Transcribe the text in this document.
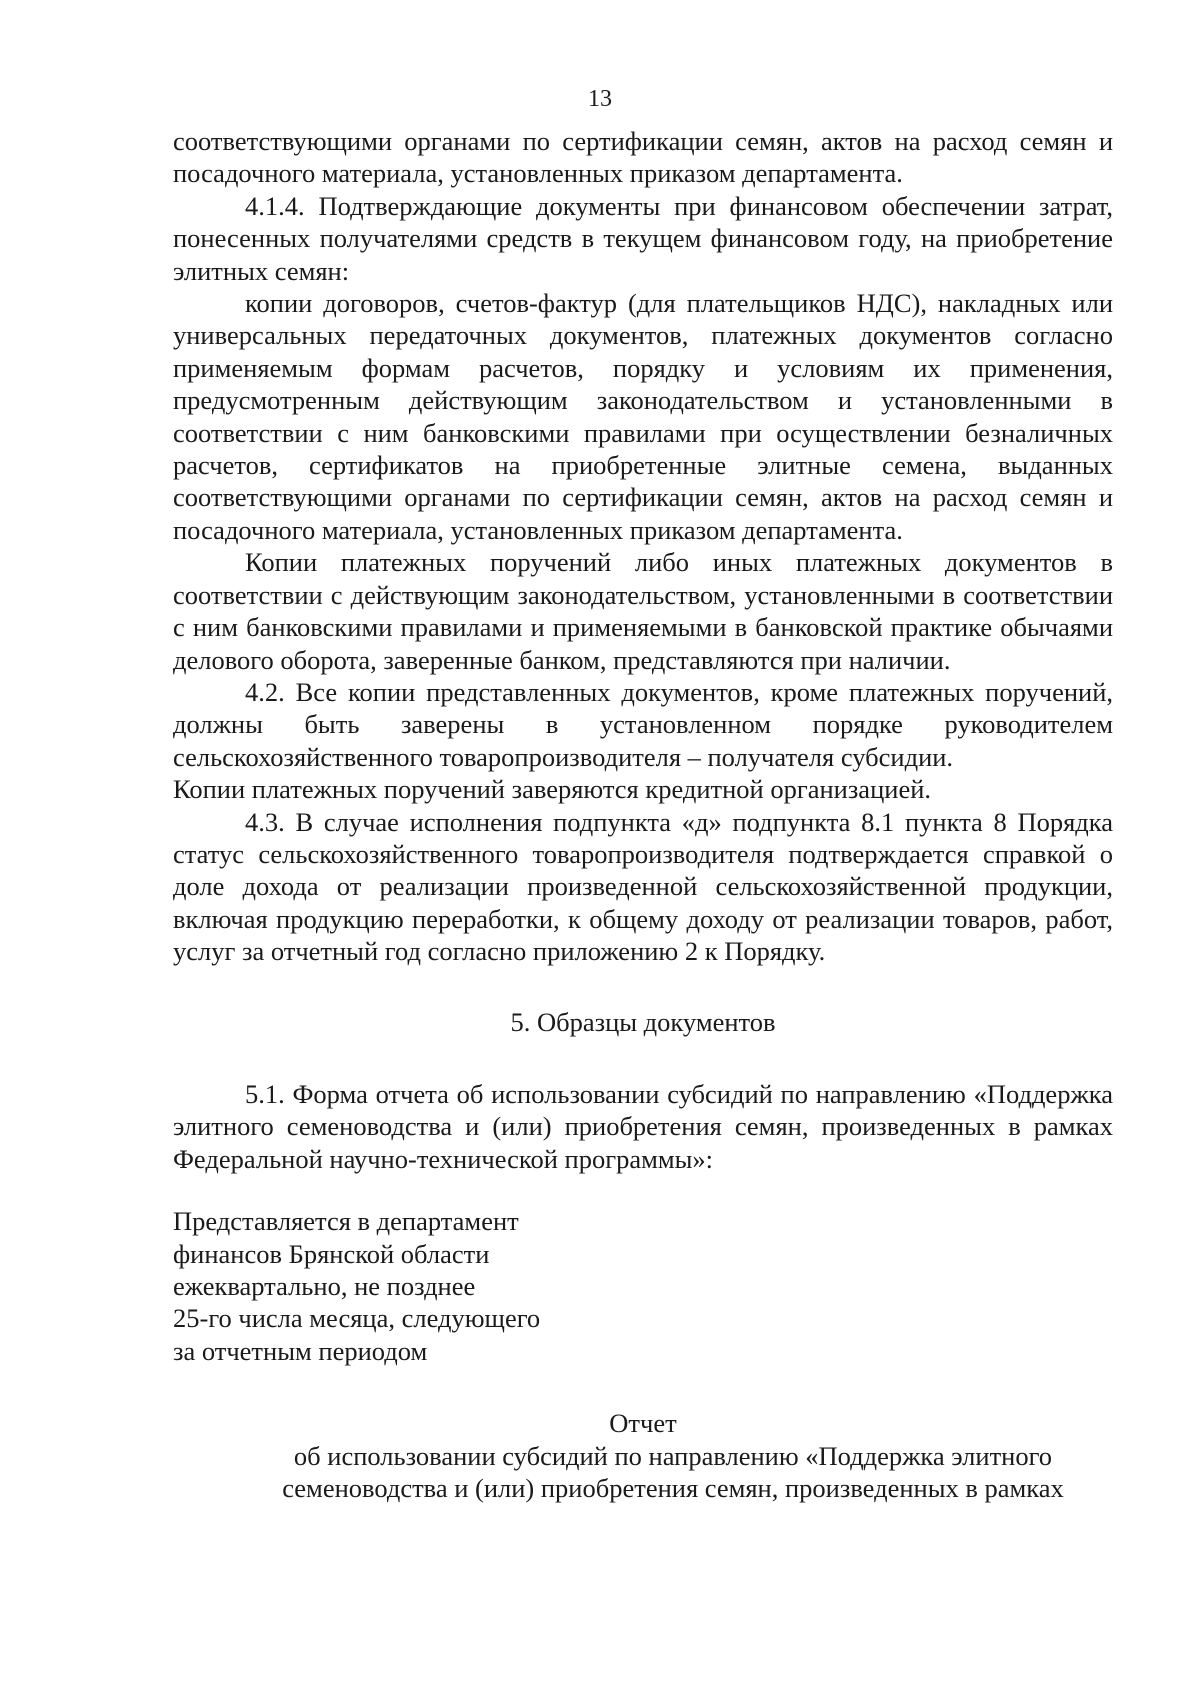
13

соответствующими органами по сертификации семян, актов на расход семян и посадочного материала, установленных приказом департамента.

4.1.4. Подтверждающие документы при финансовом обеспечении затрат, понесенных получателями средств в текущем финансовом году, на приобретение элитных семян:

копии договоров, счетов-фактур (для плательщиков НДС), накладных или универсальных передаточных документов, платежных документов согласно применяемым формам расчетов, порядку и условиям их применения, предусмотренным действующим законодательством и установленными в соответствии с ним банковскими правилами при осуществлении безналичных расчетов, сертификатов на приобретенные элитные семена, выданных соответствующими органами по сертификации семян, актов на расход семян и посадочного материала, установленных приказом департамента.

Копии платежных поручений либо иных платежных документов в соответствии с действующим законодательством, установленными в соответствии с ним банковскими правилами и применяемыми в банковской практике обычаями делового оборота, заверенные банком, представляются при наличии.

4.2. Все копии представленных документов, кроме платежных поручений, должны быть заверены в установленном порядке руководителем сельскохозяйственного товаропроизводителя – получателя субсидии.

Копии платежных поручений заверяются кредитной организацией.

4.3. В случае исполнения подпункта «д» подпункта 8.1 пункта 8 Порядка статус сельскохозяйственного товаропроизводителя подтверждается справкой о доле дохода от реализации произведенной сельскохозяйственной продукции, включая продукцию переработки, к общему доходу от реализации товаров, работ, услуг за отчетный год согласно приложению 2 к Порядку.

5. Образцы документов

5.1. Форма отчета об использовании субсидий по направлению «Поддержка элитного семеноводства и (или) приобретения семян, произведенных в рамках Федеральной научно-технической программы»:

Представляется в департамент

финансов Брянской области

ежеквартально, не позднее

25-го числа месяца, следующего

за отчетным периодом

Отчет

об использовании субсидий по направлению «Поддержка элитного

семеноводства и (или) приобретения семян, произведенных в рамках
